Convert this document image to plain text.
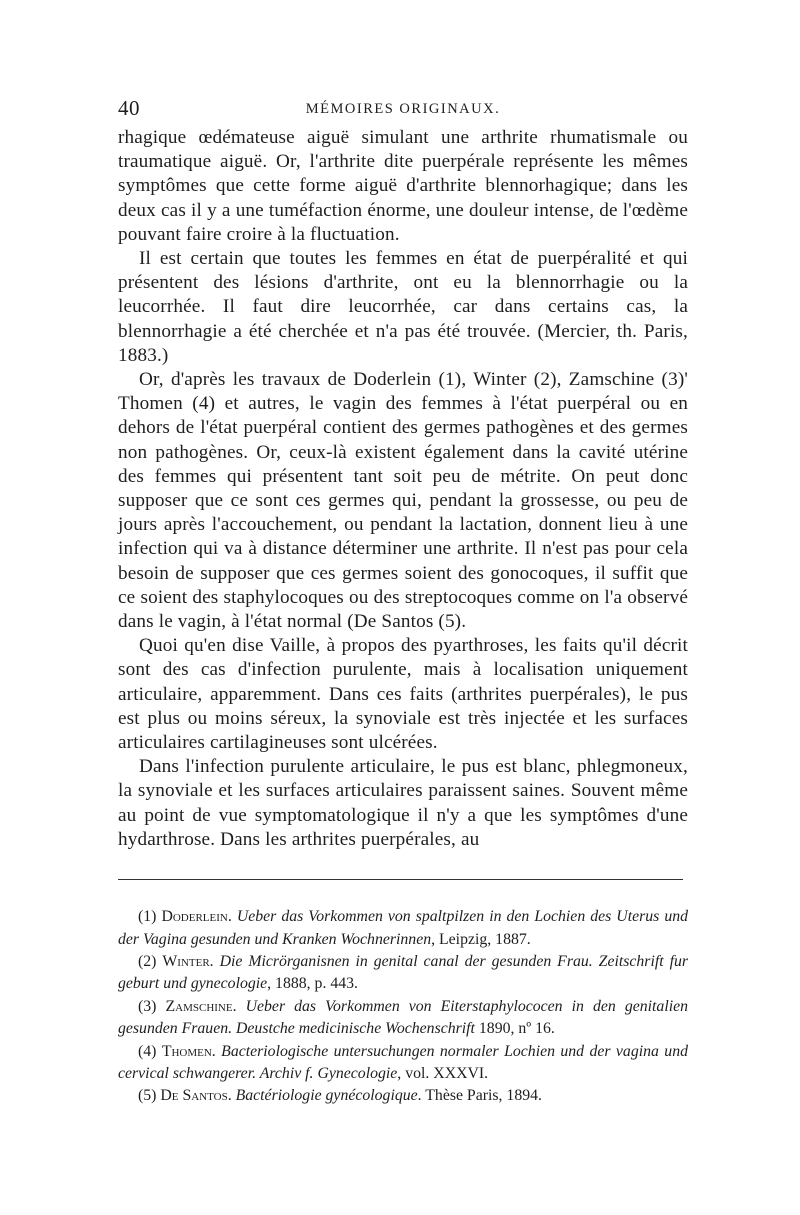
40	MÉMOIRES ORIGINAUX.

rhagique œdémateuse aiguë simulant une arthrite rhumatismale ou traumatique aiguë. Or, l'arthrite dite puerpérale représente les mêmes symptômes que cette forme aiguë d'arthrite blennorhagique; dans les deux cas il y a une tuméfaction énorme, une douleur intense, de l'œdème pouvant faire croire à la fluctuation.

Il est certain que toutes les femmes en état de puerpéralité et qui présentent des lésions d'arthrite, ont eu la blennorrhagie ou la leucorrhée. Il faut dire leucorrhée, car dans certains cas, la blennorrhagie a été cherchée et n'a pas été trouvée. (Mercier, th. Paris, 1883.)

Or, d'après les travaux de Doderlein (1), Winter (2), Zamschine (3)' Thomen (4) et autres, le vagin des femmes à l'état puerpéral ou en dehors de l'état puerpéral contient des germes pathogènes et des germes non pathogènes. Or, ceux-là existent également dans la cavité utérine des femmes qui présentent tant soit peu de métrite. On peut donc supposer que ce sont ces germes qui, pendant la grossesse, ou peu de jours après l'accouchement, ou pendant la lactation, donnent lieu à une infection qui va à distance déterminer une arthrite. Il n'est pas pour cela besoin de supposer que ces germes soient des gonocoques, il suffit que ce soient des staphylocoques ou des streptocoques comme on l'a observé dans le vagin, à l'état normal (De Santos (5).

Quoi qu'en dise Vaille, à propos des pyarthroses, les faits qu'il décrit sont des cas d'infection purulente, mais à localisation uniquement articulaire, apparemment. Dans ces faits (arthrites puerpérales), le pus est plus ou moins séreux, la synoviale est très injectée et les surfaces articulaires cartilagineuses sont ulcérées.

Dans l'infection purulente articulaire, le pus est blanc, phlegmoneux, la synoviale et les surfaces articulaires paraissent saines. Souvent même au point de vue symptomatologique il n'y a que les symptômes d'une hydarthrose. Dans les arthrites puerpérales, au

(1) Doderlein. Ueber das Vorkommen von spaltpilzen in den Lochien des Uterus und der Vagina gesunden und Kranken Wochnerinnen, Leipzig, 1887.

(2) Winter. Die Micrörganisnen in genital canal der gesunden Frau. Zeitschrift fur geburt und gynecologie, 1888, p. 443.

(3) Zamschine. Ueber das Vorkommen von Eiterstaphylococen in den genitalien gesunden Frauen. Deustche medicinische Wochenschrift 1890, nº 16.

(4) Thomen. Bacteriologische untersuchungen normaler Lochien und der vagina und cervical schwangerer. Archiv f. Gynecologie, vol. XXXVI.

(5) De Santos. Bactériologie gynécologique. Thèse Paris, 1894.
